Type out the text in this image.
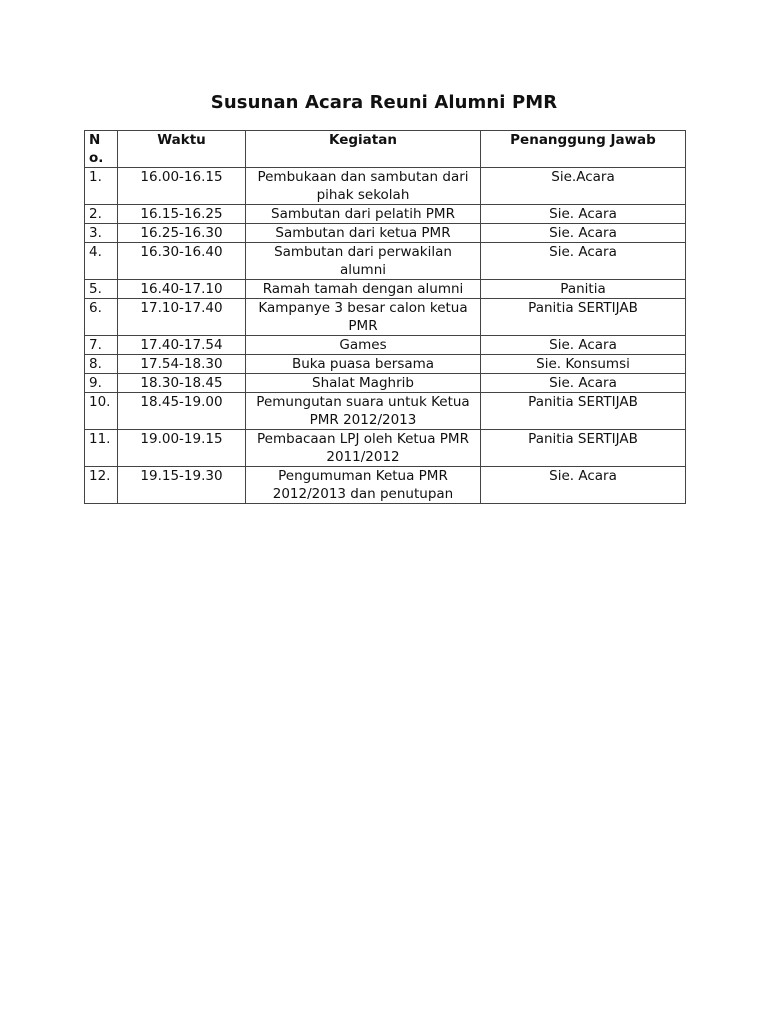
Susunan Acara Reuni Alumni PMR
No.	Waktu	Kegiatan	Penanggung Jawab
1.	16.00-16.15	Pembukaan dan sambutan dari pihak sekolah	Sie.Acara
2.	16.15-16.25	Sambutan dari pelatih PMR	Sie. Acara
3.	16.25-16.30	Sambutan dari ketua PMR	Sie. Acara
4.	16.30-16.40	Sambutan dari perwakilan alumni	Sie. Acara
5.	16.40-17.10	Ramah tamah dengan alumni	Panitia
6.	17.10-17.40	Kampanye 3 besar calon ketua PMR	Panitia SERTIJAB
7.	17.40-17.54	Games	Sie. Acara
8.	17.54-18.30	Buka puasa bersama	Sie. Konsumsi
9.	18.30-18.45	Shalat Maghrib	Sie. Acara
10.	18.45-19.00	Pemungutan suara untuk Ketua PMR 2012/2013	Panitia SERTIJAB
11.	19.00-19.15	Pembacaan LPJ oleh Ketua PMR 2011/2012	Panitia SERTIJAB
12.	19.15-19.30	Pengumuman Ketua PMR 2012/2013 dan penutupan	Sie. Acara
